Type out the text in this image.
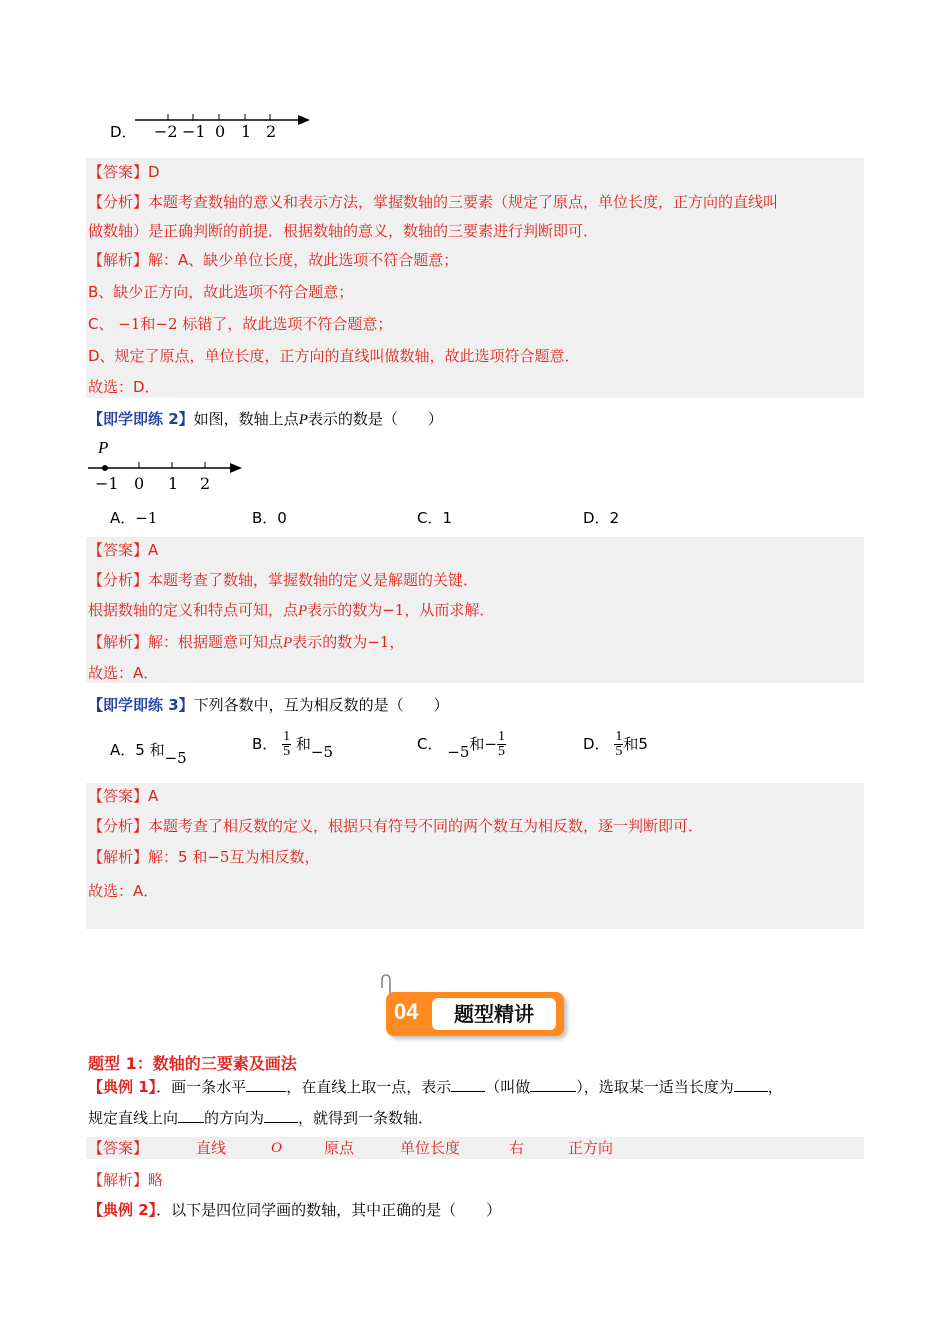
D． −2 −1 0 1 2
【答案】D
【分析】本题考查数轴的意义和表示方法，掌握数轴的三要素（规定了原点，单位长度，正方向的直线叫
做数轴）是正确判断的前提．根据数轴的意义，数轴的三要素进行判断即可．
【解析】解：A、缺少单位长度，故此选项不符合题意；
B、缺少正方向，故此选项不符合题意；
C、 −1和−2 标错了，故此选项不符合题意；
D、规定了原点，单位长度，正方向的直线叫做数轴，故此选项符合题意．
故选：D．
【即学即练 2】如图，数轴上点P表示的数是（　　）
P
−1 0 1 2
A．−1	B．0	C．1	D．2
【答案】A
【分析】本题考查了数轴，掌握数轴的定义是解题的关键．
根据数轴的定义和特点可知，点P表示的数为−1，从而求解．
【解析】解：根据题意可知点P表示的数为−1，
故选：A．
【即学即练 3】下列各数中，互为相反数的是（　　）
A．5 和−5
B． $\frac{1}{5}$ 和−5	C． −5和− $\frac{1}{5}$	D． $\frac{1}{5}$ 和5
【答案】A
【分析】本题考查了相反数的定义，根据只有符号不同的两个数互为相反数，逐一判断即可．
【解析】解：5 和−5互为相反数，
故选：A．
04	题型精讲
题型 1：数轴的三要素及画法
【典例 1】．画一条水平	，在直线上取一点，表示 （叫做	），选取某一适当长度为 ，
规定直线上向 的方向为 ，就得到一条数轴．
【答案】	直线	O	原点	单位长度	右	正方向
【解析】略
【典例 2】．以下是四位同学画的数轴，其中正确的是（　　）
